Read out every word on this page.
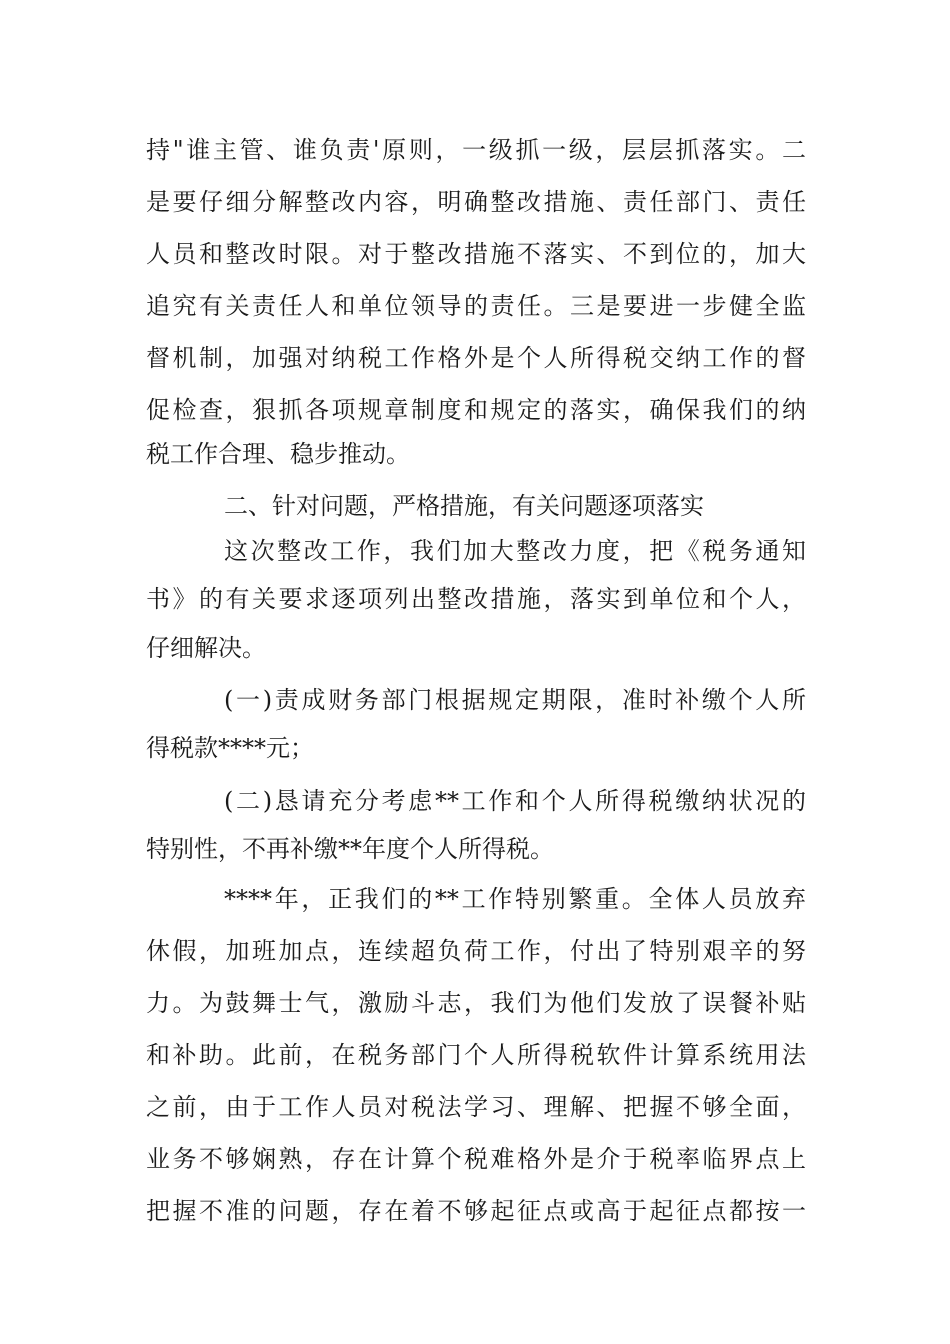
持"谁主管、谁负责'原则，一级抓一级，层层抓落实。二
是要仔细分解整改内容，明确整改措施、责任部门、责任
人员和整改时限。对于整改措施不落实、不到位的，加大
追究有关责任人和单位领导的责任。三是要进一步健全监
督机制，加强对纳税工作格外是个人所得税交纳工作的督
促检查，狠抓各项规章制度和规定的落实，确保我们的纳
税工作合理、稳步推动。
二、针对问题，严格措施，有关问题逐项落实
这次整改工作，我们加大整改力度，把《税务通知
书》的有关要求逐项列出整改措施，落实到单位和个人，
仔细解决。
(一)责成财务部门根据规定期限，准时补缴个人所
得税款****元；
(二)恳请充分考虑**工作和个人所得税缴纳状况的
特别性，不再补缴**年度个人所得税。
****年，正我们的**工作特别繁重。全体人员放弃
休假，加班加点，连续超负荷工作，付出了特别艰辛的努
力。为鼓舞士气，激励斗志，我们为他们发放了误餐补贴
和补助。此前，在税务部门个人所得税软件计算系统用法
之前，由于工作人员对税法学习、理解、把握不够全面，
业务不够娴熟，存在计算个税难格外是介于税率临界点上
把握不准的问题，存在着不够起征点或高于起征点都按一
